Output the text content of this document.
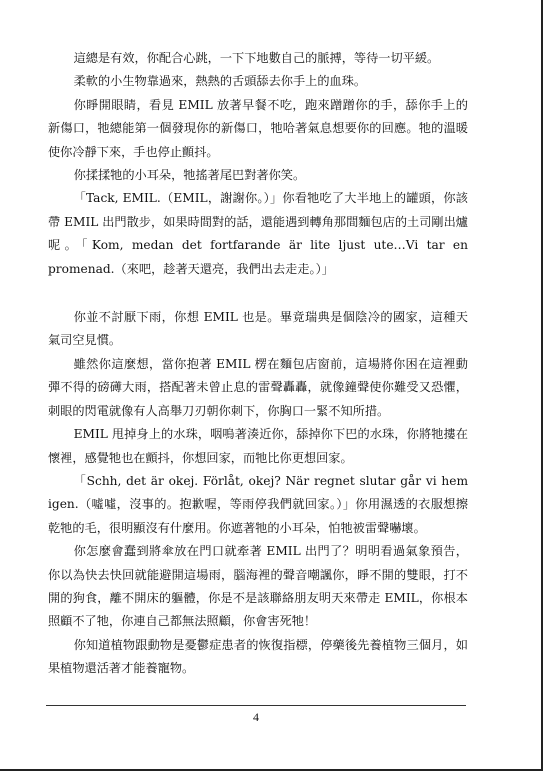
這總是有效，你配合心跳，一下下地數自己的脈搏，等待一切平緩。

柔軟的小生物靠過來，熱熱的舌頭舔去你手上的血珠。

你睜開眼睛，看見 EMIL 放著早餐不吃，跑來蹭蹭你的手，舔你手上的新傷口，牠總能第一個發現你的新傷口，牠哈著氣息想要你的回應。牠的溫暖使你冷靜下來，手也停止顫抖。

你揉揉牠的小耳朵，牠搖著尾巴對著你笑。

「Tack, EMIL.（EMIL，謝謝你。）」你看牠吃了大半地上的罐頭，你該帶 EMIL 出門散步，如果時間對的話，還能遇到轉角那間麵包店的土司剛出爐呢。「Kom, medan det fortfarande är lite ljust ute…Vi tar en promenad.（來吧，趁著天還亮，我們出去走走。）」

你並不討厭下雨，你想 EMIL 也是。畢竟瑞典是個陰冷的國家，這種天氣司空見慣。

雖然你這麼想，當你抱著 EMIL 楞在麵包店窗前，這場將你困在這裡動彈不得的磅礡大雨，搭配著未曾止息的雷聲轟轟，就像鐘聲使你難受又恐懼，刺眼的閃電就像有人高舉刀刃朝你刺下，你胸口一緊不知所措。

EMIL 甩掉身上的水珠，咽嗚著湊近你，舔掉你下巴的水珠，你將牠摟在懷裡，感覺牠也在顫抖，你想回家，而牠比你更想回家。

「Schh, det är okej. Förlåt, okej? När regnet slutar går vi hem igen.（噓噓，沒事的。抱歉喔，等雨停我們就回家。）」你用濕透的衣服想擦乾牠的毛，很明顯沒有什麼用。你遮著牠的小耳朵，怕牠被雷聲嚇壞。

你怎麼會蠢到將傘放在門口就牽著 EMIL 出門了？明明看過氣象預告，你以為快去快回就能避開這場雨，腦海裡的聲音嘲諷你，睜不開的雙眼，打不開的狗食，離不開床的軀體，你是不是該聯絡朋友明天來帶走 EMIL，你根本照顧不了牠，你連自己都無法照顧，你會害死牠！

你知道植物跟動物是憂鬱症患者的恢復指標，停藥後先養植物三個月，如果植物還活著才能養寵物。

4
